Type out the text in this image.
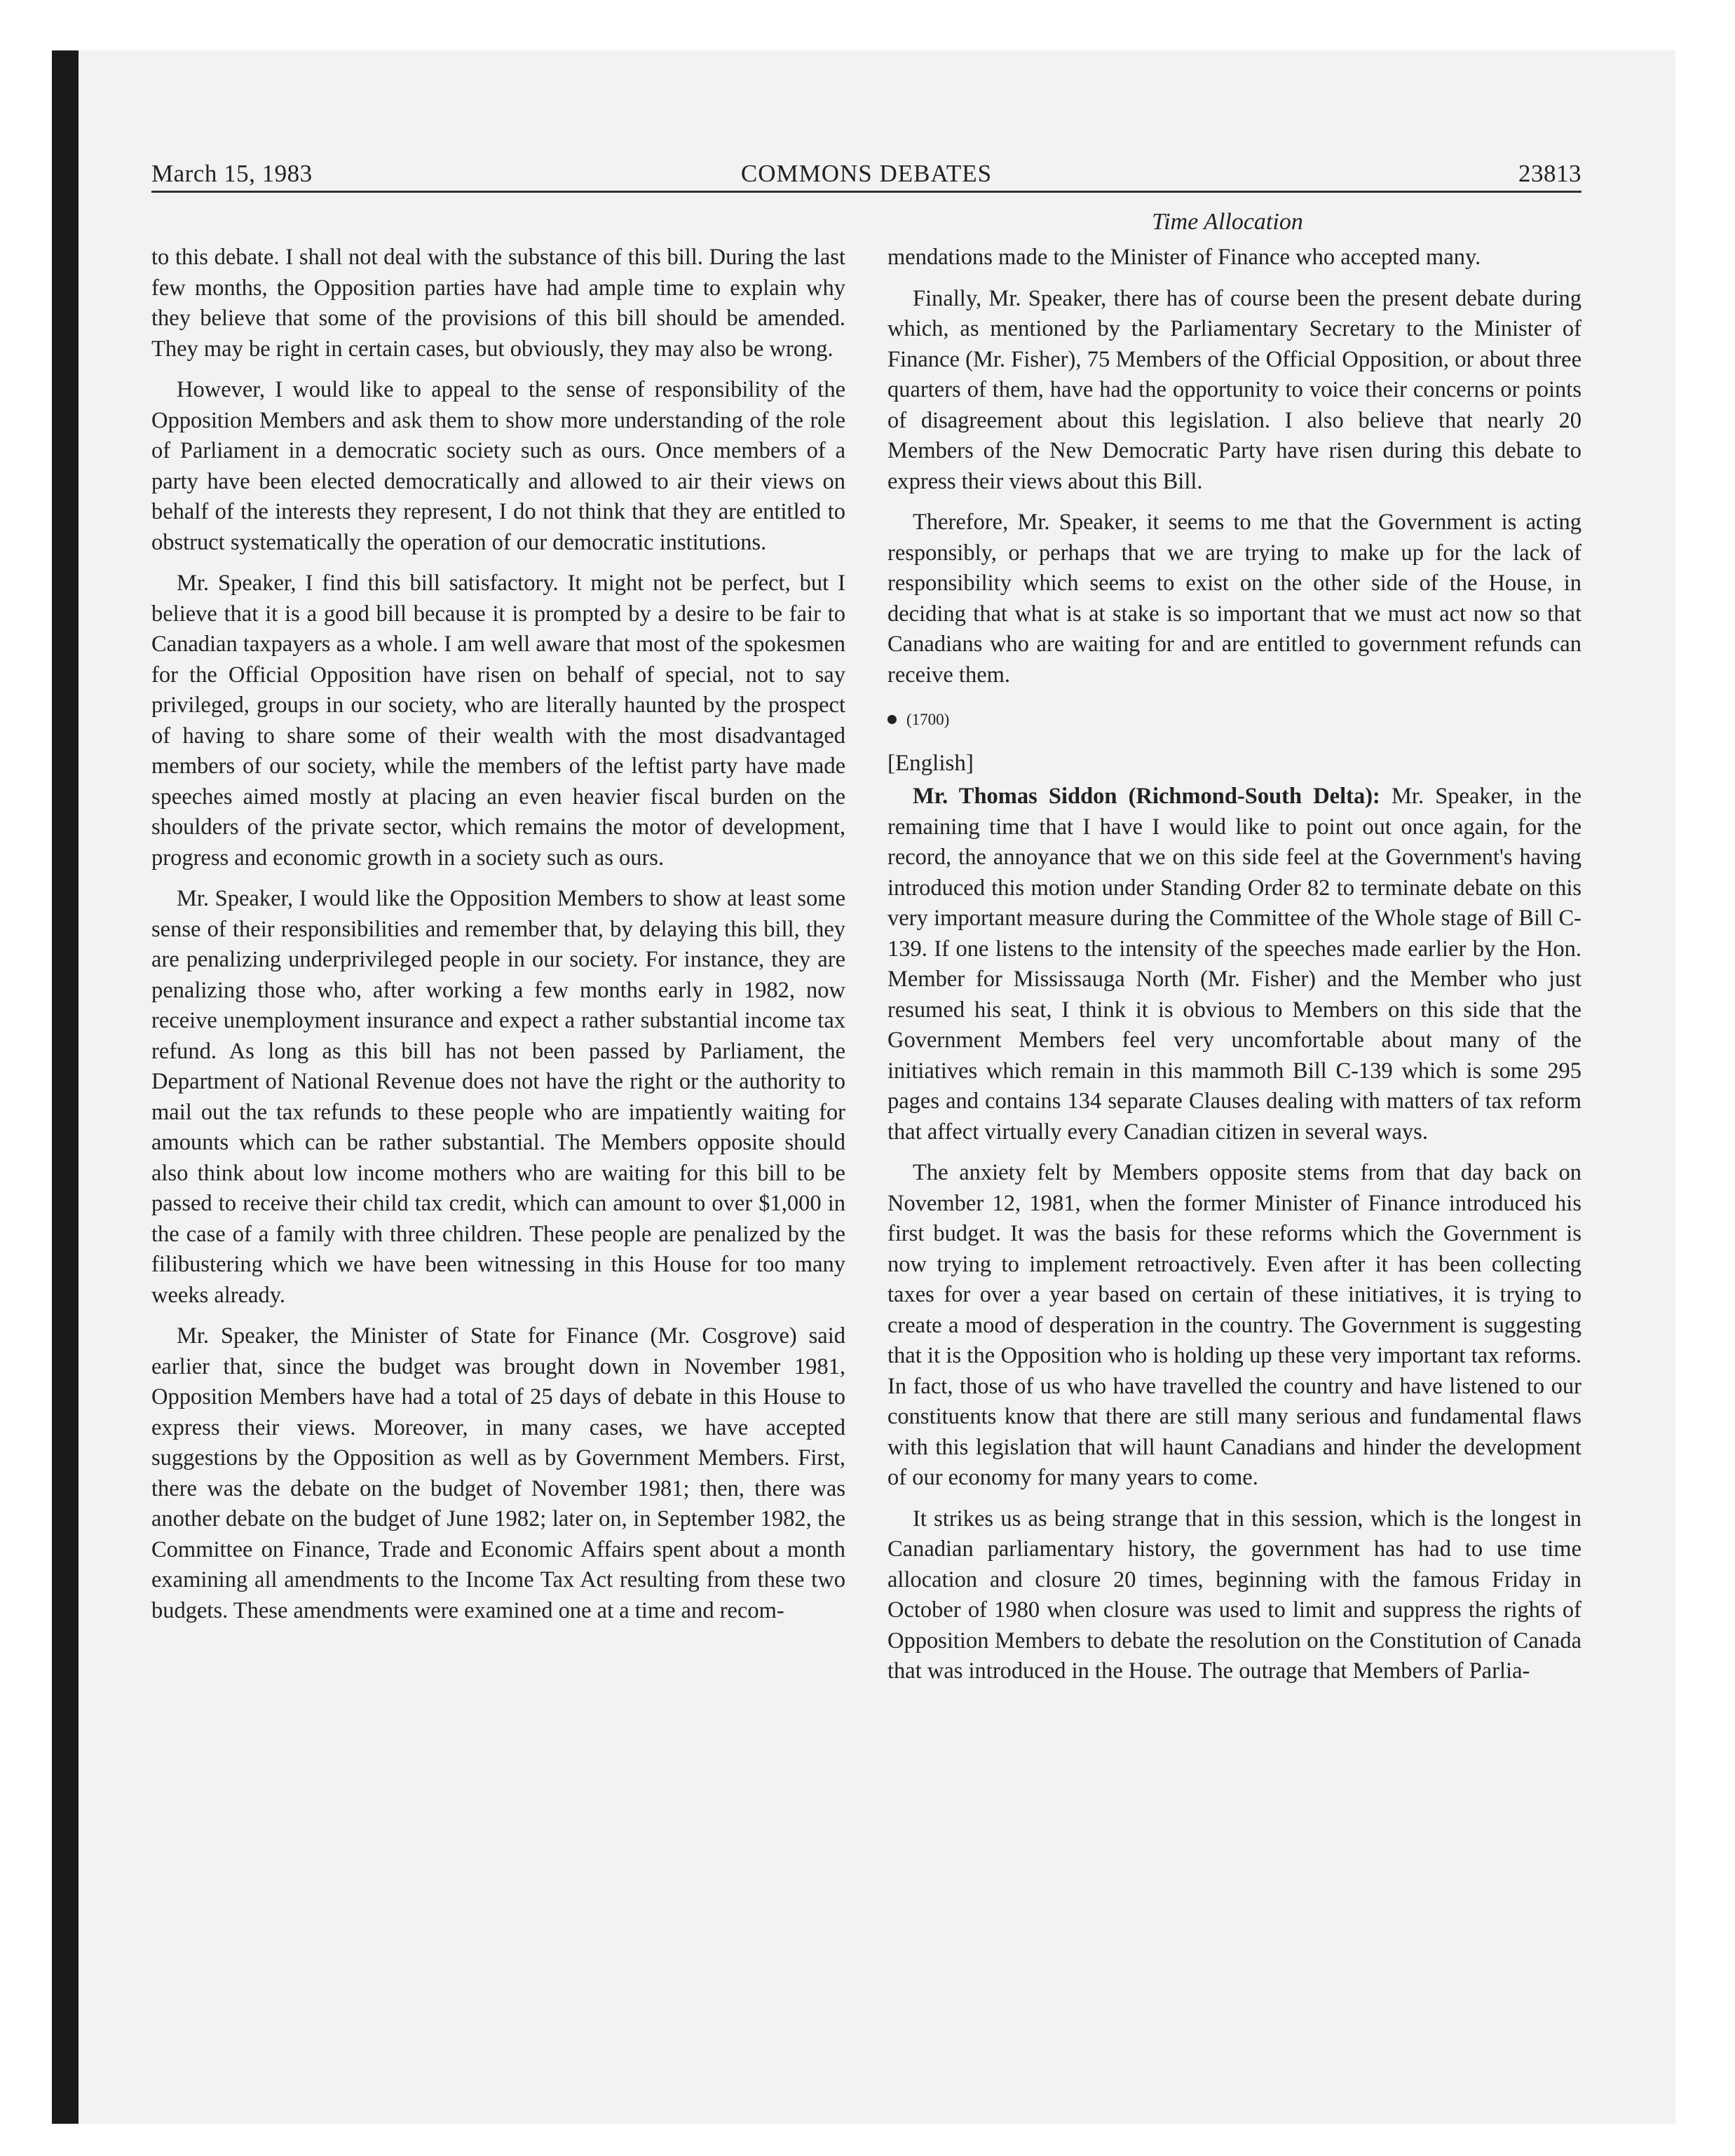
March 15, 1983	COMMONS DEBATES	23813
Time Allocation

to this debate. I shall not deal with the substance of this bill. During the last few months, the Opposition parties have had ample time to explain why they believe that some of the provisions of this bill should be amended. They may be right in certain cases, but obviously, they may also be wrong.

However, I would like to appeal to the sense of responsibility of the Opposition Members and ask them to show more understanding of the role of Parliament in a democratic society such as ours. Once members of a party have been elected democratically and allowed to air their views on behalf of the interests they represent, I do not think that they are entitled to obstruct systematically the operation of our democratic institutions.

Mr. Speaker, I find this bill satisfactory. It might not be perfect, but I believe that it is a good bill because it is prompted by a desire to be fair to Canadian taxpayers as a whole. I am well aware that most of the spokesmen for the Official Opposition have risen on behalf of special, not to say privileged, groups in our society, who are literally haunted by the prospect of having to share some of their wealth with the most disadvantaged members of our society, while the members of the leftist party have made speeches aimed mostly at placing an even heavier fiscal burden on the shoulders of the private sector, which remains the motor of development, progress and economic growth in a society such as ours.

Mr. Speaker, I would like the Opposition Members to show at least some sense of their responsibilities and remember that, by delaying this bill, they are penalizing underprivileged people in our society. For instance, they are penalizing those who, after working a few months early in 1982, now receive unemployment insurance and expect a rather substantial income tax refund. As long as this bill has not been passed by Parliament, the Department of National Revenue does not have the right or the authority to mail out the tax refunds to these people who are impatiently waiting for amounts which can be rather substantial. The Members opposite should also think about low income mothers who are waiting for this bill to be passed to receive their child tax credit, which can amount to over $1,000 in the case of a family with three children. These people are penalized by the filibustering which we have been witnessing in this House for too many weeks already.

Mr. Speaker, the Minister of State for Finance (Mr. Cosgrove) said earlier that, since the budget was brought down in November 1981, Opposition Members have had a total of 25 days of debate in this House to express their views. Moreover, in many cases, we have accepted suggestions by the Opposition as well as by Government Members. First, there was the debate on the budget of November 1981; then, there was another debate on the budget of June 1982; later on, in September 1982, the Committee on Finance, Trade and Economic Affairs spent about a month examining all amendments to the Income Tax Act resulting from these two budgets. These amendments were examined one at a time and recom-

mendations made to the Minister of Finance who accepted many.

Finally, Mr. Speaker, there has of course been the present debate during which, as mentioned by the Parliamentary Secretary to the Minister of Finance (Mr. Fisher), 75 Members of the Official Opposition, or about three quarters of them, have had the opportunity to voice their concerns or points of disagreement about this legislation. I also believe that nearly 20 Members of the New Democratic Party have risen during this debate to express their views about this Bill.

Therefore, Mr. Speaker, it seems to me that the Government is acting responsibly, or perhaps that we are trying to make up for the lack of responsibility which seems to exist on the other side of the House, in deciding that what is at stake is so important that we must act now so that Canadians who are waiting for and are entitled to government refunds can receive them.

(1700)
[English]

Mr. Thomas Siddon (Richmond-South Delta): Mr. Speaker, in the remaining time that I have I would like to point out once again, for the record, the annoyance that we on this side feel at the Government's having introduced this motion under Standing Order 82 to terminate debate on this very important measure during the Committee of the Whole stage of Bill C-139. If one listens to the intensity of the speeches made earlier by the Hon. Member for Mississauga North (Mr. Fisher) and the Member who just resumed his seat, I think it is obvious to Members on this side that the Government Members feel very uncomfortable about many of the initiatives which remain in this mammoth Bill C-139 which is some 295 pages and contains 134 separate Clauses dealing with matters of tax reform that affect virtually every Canadian citizen in several ways.

The anxiety felt by Members opposite stems from that day back on November 12, 1981, when the former Minister of Finance introduced his first budget. It was the basis for these reforms which the Government is now trying to implement retroactively. Even after it has been collecting taxes for over a year based on certain of these initiatives, it is trying to create a mood of desperation in the country. The Government is suggesting that it is the Opposition who is holding up these very important tax reforms. In fact, those of us who have travelled the country and have listened to our constituents know that there are still many serious and fundamental flaws with this legislation that will haunt Canadians and hinder the development of our economy for many years to come.

It strikes us as being strange that in this session, which is the longest in Canadian parliamentary history, the government has had to use time allocation and closure 20 times, beginning with the famous Friday in October of 1980 when closure was used to limit and suppress the rights of Opposition Members to debate the resolution on the Constitution of Canada that was introduced in the House. The outrage that Members of Parlia-
